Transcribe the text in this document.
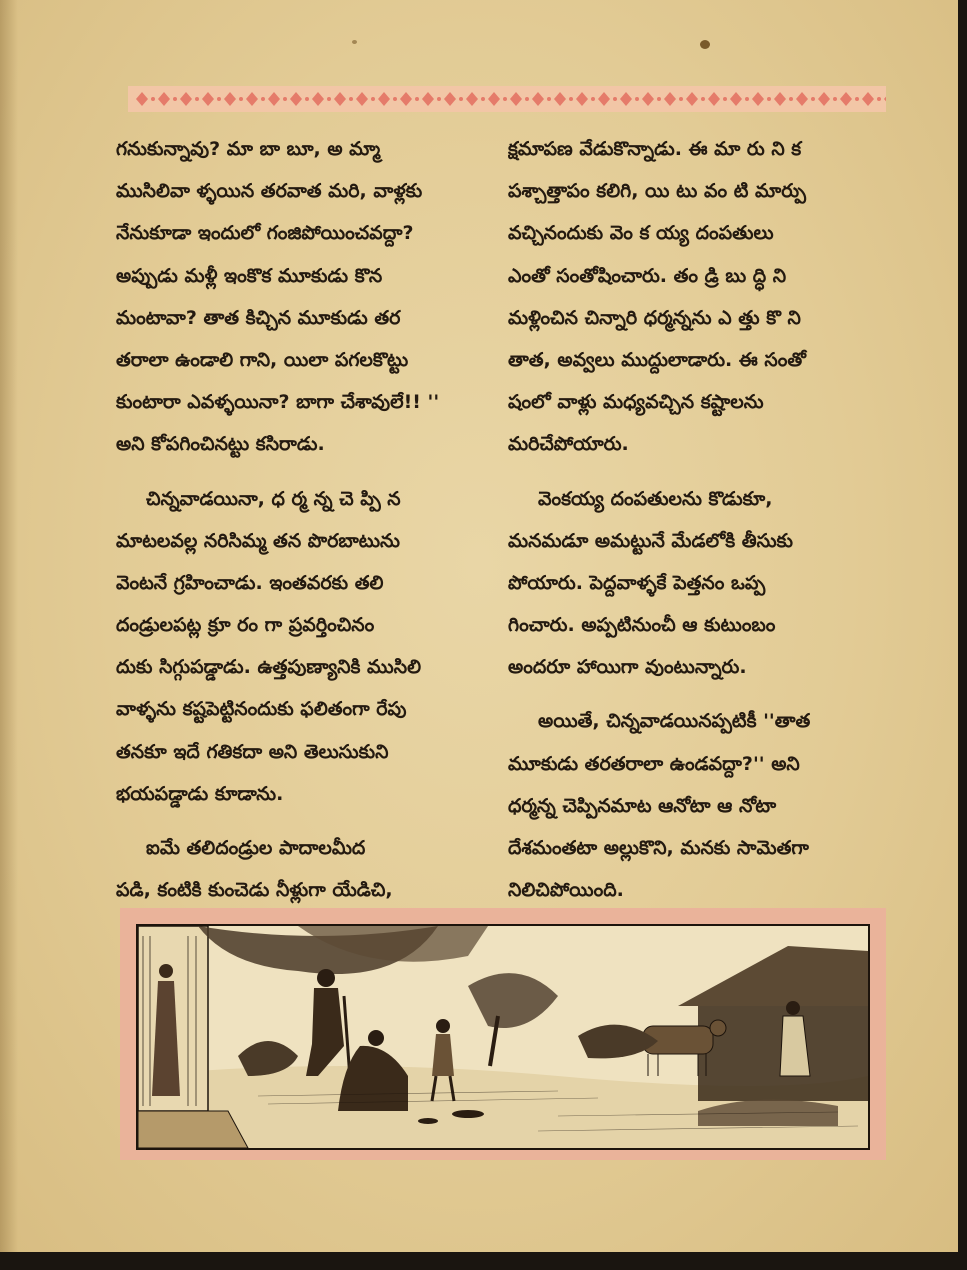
గనుకున్నావు? మా బా బూ, అ మ్మా
ముసిలివా ళ్ళయిన తరవాత మరి, వాళ్లకు
నేనుకూడా ఇందులో గంజిపోయించవద్దా?
అప్పుడు మళ్లీ ఇంకొక మూకుడు కొన
మంటావా? తాత కిచ్చిన మూకుడు తర
తరాలా ఉండాలి గాని, యిలా పగలకొట్టు
కుంటారా ఎవళ్ళయినా? బాగా చేశావులే!! ''
అని కోపగించినట్టు కసిరాడు.
చిన్నవాడయినా, ధ ర్మ న్న చె ప్పి న
మాటలవల్ల నరిసిమ్మ తన పొరబాటును
వెంటనే గ్రహించాడు. ఇంతవరకు తలి
దండ్రులపట్ల క్రూ రం గా ప్రవర్తించినం
దుకు సిగ్గుపడ్డాడు. ఉత్తపుణ్యానికి ముసిలి
వాళ్ళను కష్టపెట్టినందుకు ఫలితంగా రేపు
తనకూ ఇదే గతికదా అని తెలుసుకుని
భయపడ్డాడు కూడాను.
ఐమే తలిదండ్రుల పాదాలమీద
పడి, కంటికి కుంచెడు నీళ్లుగా యేడిచి,
క్షమాపణ వేడుకొన్నాడు. ఈ మా రు ని క
పశ్చాత్తాపం కలిగి, యి టు వం టి మార్పు
వచ్చినందుకు వెం క య్య దంపతులు
ఎంతో సంతోషించారు. తం డ్రి బు ద్ధి ని
మళ్లించిన చిన్నారి ధర్మన్నను ఎ త్తు కొ ని
తాత, అవ్వలు ముద్దులాడారు. ఈ సంతో
షంలో వాళ్లు మధ్యవచ్చిన కష్టాలను
మరిచేపోయారు.
వెంకయ్య దంపతులను కొడుకూ,
మనమడూ అమట్టునే మేడలోకి తీసుకు
పోయారు. పెద్దవాళ్ళకే పెత్తనం ఒప్ప
గించారు. అప్పటినుంచీ ఆ కుటుంబం
అందరూ హాయిగా వుంటున్నారు.
అయితే, చిన్నవాడయినప్పటికీ ''తాత
మూకుడు తరతరాలా ఉండవద్దా?'' అని
ధర్మన్న చెప్పినమాట ఆనోటా ఆ నోటా
దేశమంతటా అల్లుకొని, మనకు సామెతగా
నిలిచిపోయింది.
